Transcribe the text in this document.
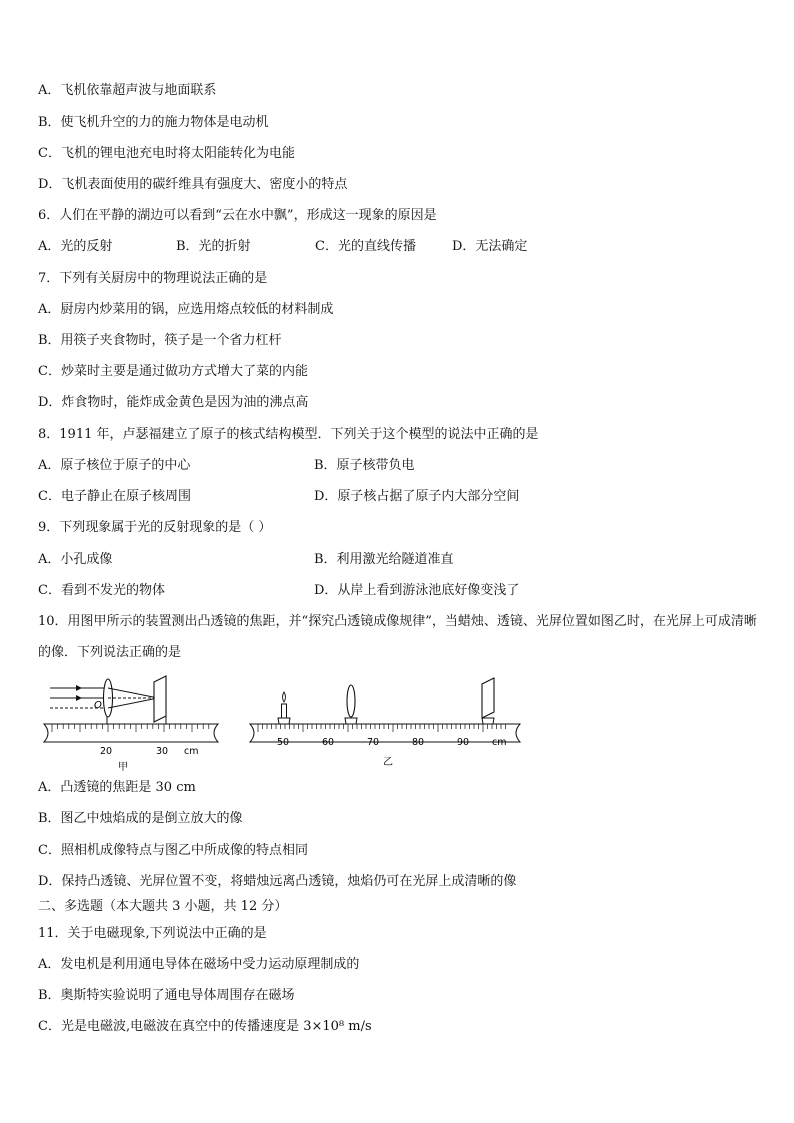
A．飞机依靠超声波与地面联系
B．使飞机升空的力的施力物体是电动机
C．飞机的锂电池充电时将太阳能转化为电能
D．飞机表面使用的碳纤维具有强度大、密度小的特点
6．人们在平静的湖边可以看到“云在水中飘”，形成这一现象的原因是
A．光的反射	B．光的折射	C．光的直线传播	D．无法确定
7．下列有关厨房中的物理说法正确的是
A．厨房内炒菜用的锅，应选用熔点较低的材料制成
B．用筷子夹食物时，筷子是一个省力杠杆
C．炒菜时主要是通过做功方式增大了菜的内能
D．炸食物时，能炸成金黄色是因为油的沸点高
8．1911 年，卢瑟福建立了原子的核式结构模型．下列关于这个模型的说法中正确的是
A．原子核位于原子的中心	B．原子核带负电
C．电子静止在原子核周围	D．原子核占据了原子内大部分空间
9．下列现象属于光的反射现象的是（ ）
A．小孔成像	B．利用激光给隧道准直
C．看到不发光的物体	D．从岸上看到游泳池底好像变浅了
10．用图甲所示的装置测出凸透镜的焦距，并“探究凸透镜成像规律”，当蜡烛、透镜、光屏位置如图乙时，在光屏上可成清晰的像．下列说法正确的是
O
20	30 cm
甲
50	60	70	80	90 cm
乙
A．凸透镜的焦距是 30 cm
B．图乙中烛焰成的是倒立放大的像
C．照相机成像特点与图乙中所成像的特点相同
D．保持凸透镜、光屏位置不变，将蜡烛远离凸透镜，烛焰仍可在光屏上成清晰的像
二、多选题（本大题共 3 小题，共 12 分）
11．关于电磁现象,下列说法中正确的是
A．发电机是利用通电导体在磁场中受力运动原理制成的
B．奥斯特实验说明了通电导体周围存在磁场
C．光是电磁波,电磁波在真空中的传播速度是 3×10⁸ m/s
